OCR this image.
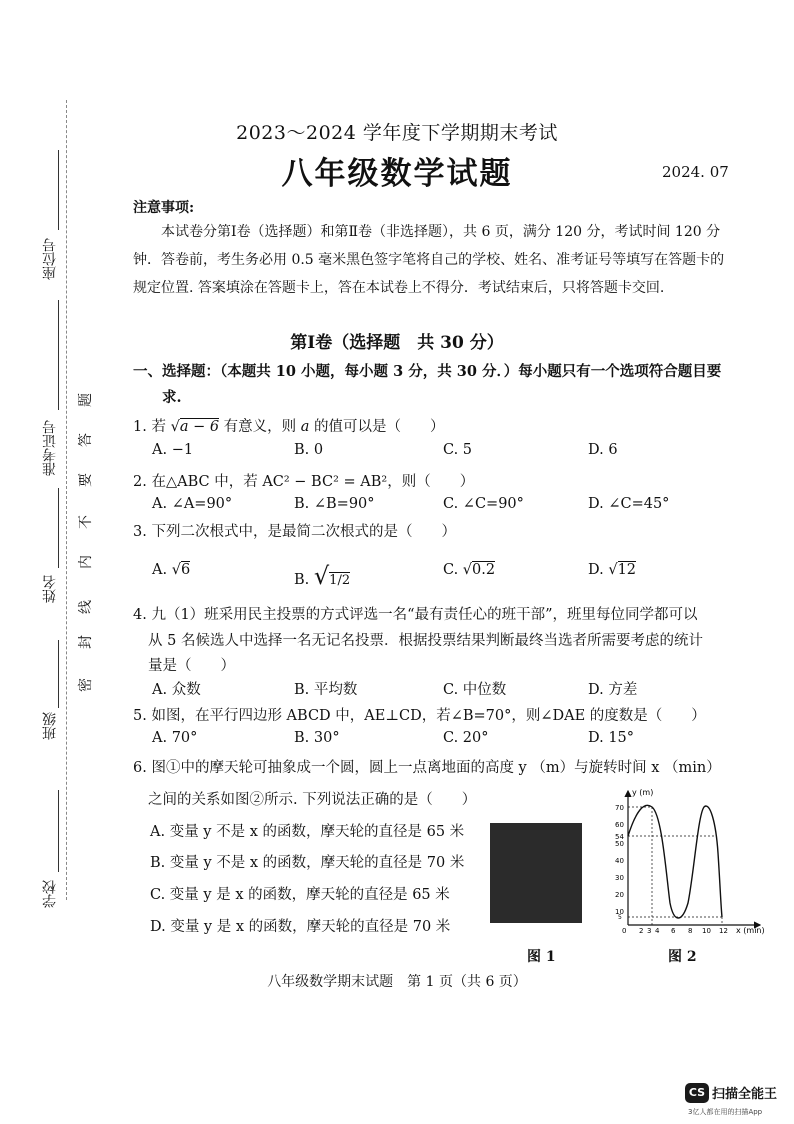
座位号
准考证号
姓名
班级
学校
密
封
线
内
不
要
答
题
2023～2024 学年度下学期期末考试
八年级数学试题	2024. 07
注意事项:
本试卷分第Ⅰ卷（选择题）和第Ⅱ卷（非选择题），共 6 页，满分 120 分，考试时间 120 分钟．答卷前，考生务必用 0.5 毫米黑色签字笔将自己的学校、姓名、准考证号等填写在答题卡的规定位置. 答案填涂在答题卡上，答在本试卷上不得分．考试结束后，只将答题卡交回.
第Ⅰ卷（选择题　共 30 分）
一、选择题：（本题共 10 小题，每小题 3 分，共 30 分．）每小题只有一个选项符合题目要
求.
1. 若 √a − 6 有意义，则 a 的值可以是（　　）
A. −1	B. 0	C. 5	D. 6
2. 在△ABC 中，若 AC² − BC² = AB²，则（　　）
A. ∠A=90°	B. ∠B=90°	C. ∠C=90°	D. ∠C=45°
3. 下列二次根式中，是最简二次根式的是（　　）
A. √6
B. √1/2
C. √0.2	D. √12
4. 九（1）班采用民主投票的方式评选一名“最有责任心的班干部”，班里每位同学都可以
从 5 名候选人中选择一名无记名投票．根据投票结果判断最终当选者所需要考虑的统计
量是（　　）
A. 众数	B. 平均数	C. 中位数	D. 方差
5. 如图，在平行四边形 ABCD 中，AE⊥CD，若∠B=70°，则∠DAE 的度数是（　　）
A. 70°	B. 30°	C. 20°	D. 15°
6. 图①中的摩天轮可抽象成一个圆，圆上一点离地面的高度 y （m）与旋转时间 x （min）
之间的关系如图②所示. 下列说法正确的是（　　）
A. 变量 y 不是 x 的函数，摩天轮的直径是 65 米
B. 变量 y 不是 x 的函数，摩天轮的直径是 70 米
C. 变量 y 是 x 的函数，摩天轮的直径是 65 米
D. 变量 y 是 x 的函数，摩天轮的直径是 70 米
图 1
y (m)
x (min)
70
60
54
50
40
30
20
10
5
0 2 3 4 6 8 10 12
图 2
八年级数学期末试题　第 1 页（共 6 页）
CS 扫描全能王
3亿人都在用的扫描App
